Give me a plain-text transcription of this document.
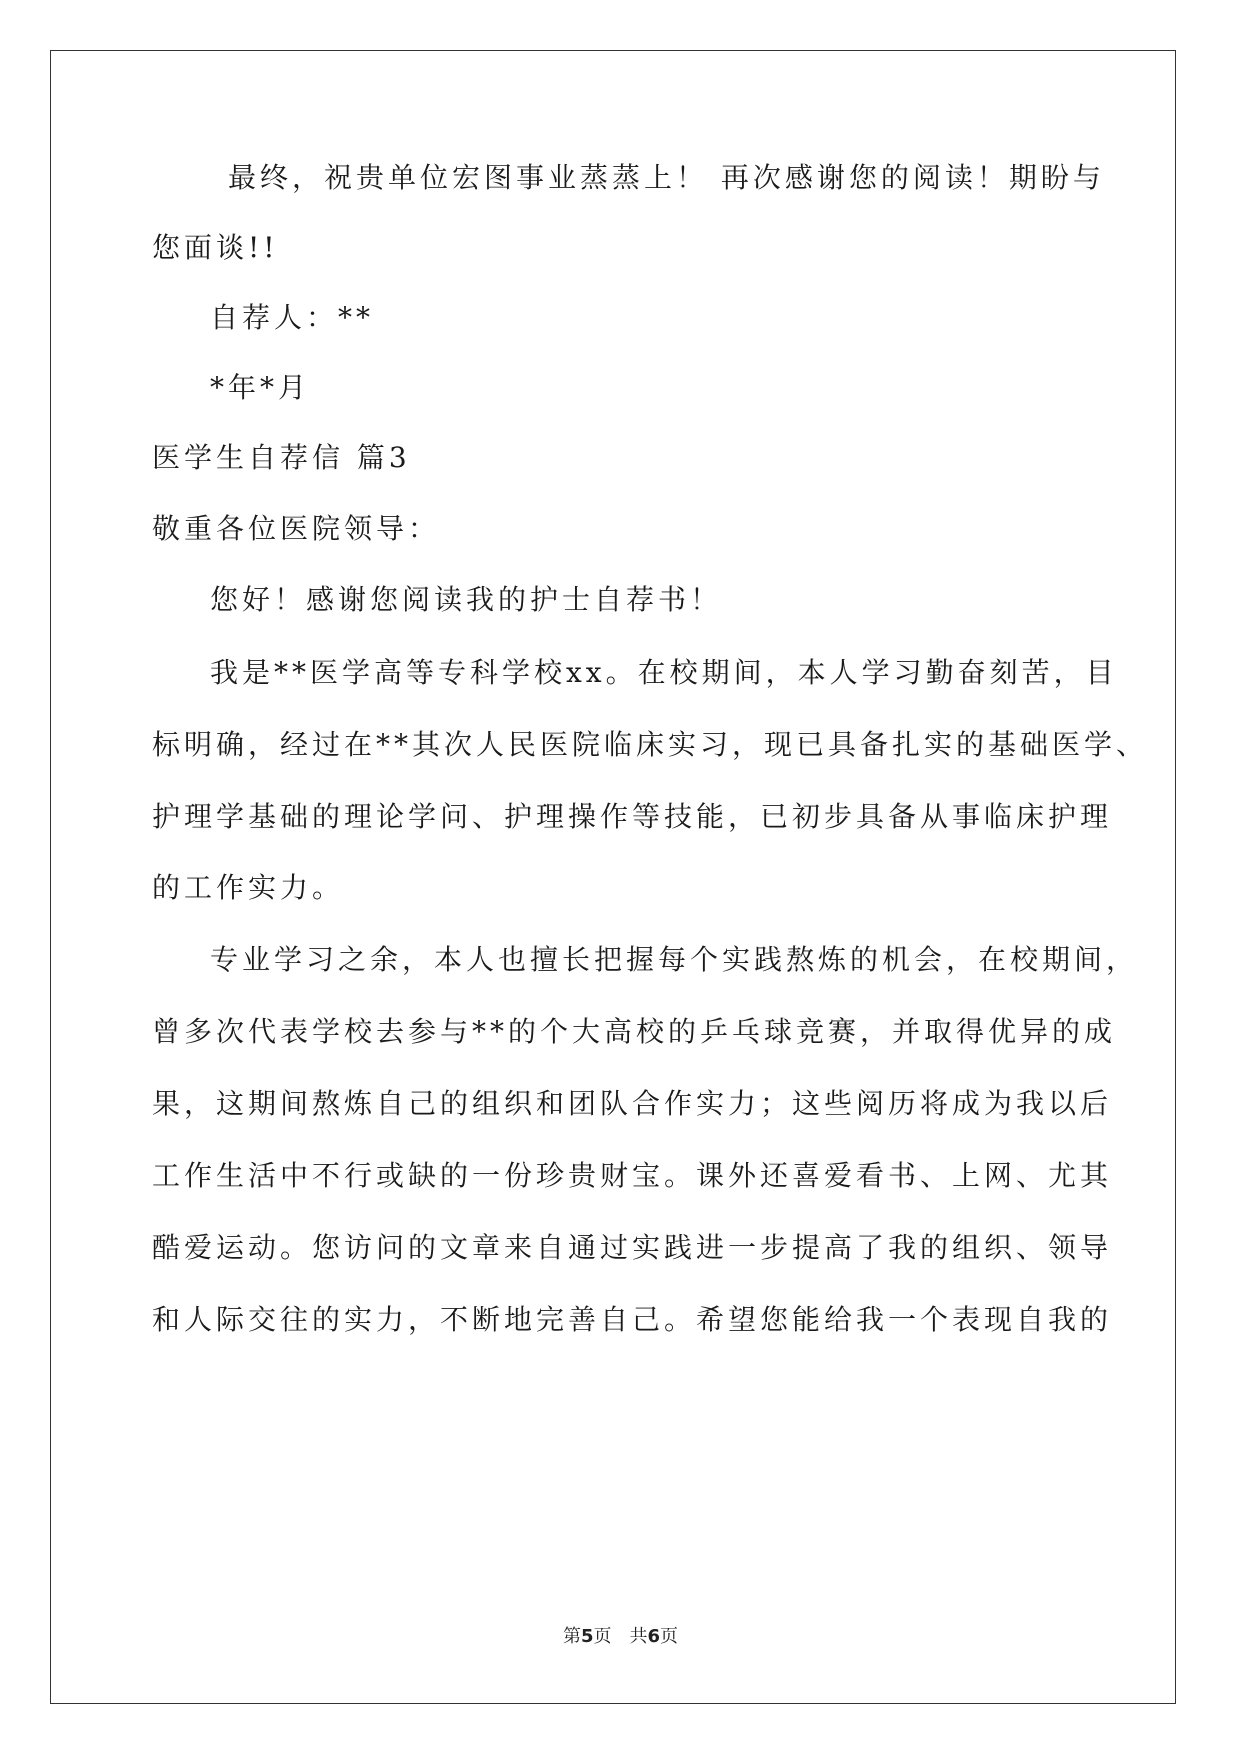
最终，祝贵单位宏图事业蒸蒸上！ 再次感谢您的阅读！期盼与
您面谈!!
自荐人：**
*年*月
医学生自荐信 篇3
敬重各位医院领导：
您好！感谢您阅读我的护士自荐书！
我是**医学高等专科学校xx。在校期间，本人学习勤奋刻苦，目
标明确，经过在**其次人民医院临床实习，现已具备扎实的基础医学、
护理学基础的理论学问、护理操作等技能，已初步具备从事临床护理
的工作实力。
专业学习之余，本人也擅长把握每个实践熬炼的机会，在校期间，
曾多次代表学校去参与**的个大高校的乒乓球竞赛，并取得优异的成
果，这期间熬炼自己的组织和团队合作实力；这些阅历将成为我以后
工作生活中不行或缺的一份珍贵财宝。课外还喜爱看书、上网、尤其
酷爱运动。您访问的文章来自通过实践进一步提高了我的组织、领导
和人际交往的实力，不断地完善自己。希望您能给我一个表现自我的
第5页　共6页
